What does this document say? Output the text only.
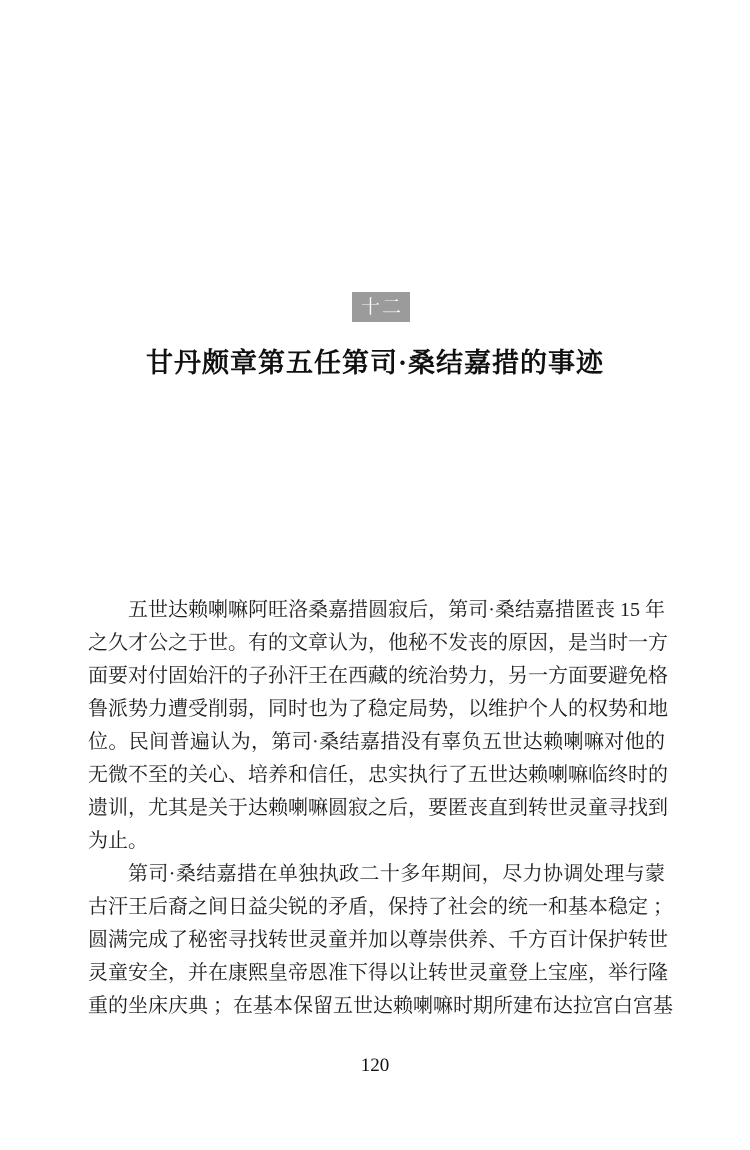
十二
甘丹颇章第五任第司·桑结嘉措的事迹
五世达赖喇嘛阿旺洛桑嘉措圆寂后，第司·桑结嘉措匿丧 15 年
之久才公之于世。有的文章认为，他秘不发丧的原因，是当时一方
面要对付固始汗的子孙汗王在西藏的统治势力，另一方面要避免格
鲁派势力遭受削弱，同时也为了稳定局势，以维护个人的权势和地
位。民间普遍认为，第司·桑结嘉措没有辜负五世达赖喇嘛对他的
无微不至的关心、培养和信任，忠实执行了五世达赖喇嘛临终时的
遗训，尤其是关于达赖喇嘛圆寂之后，要匿丧直到转世灵童寻找到
为止。
第司·桑结嘉措在单独执政二十多年期间，尽力协调处理与蒙
古汗王后裔之间日益尖锐的矛盾，保持了社会的统一和基本稳定 ；
圆满完成了秘密寻找转世灵童并加以尊崇供养、千方百计保护转世
灵童安全，并在康熙皇帝恩准下得以让转世灵童登上宝座，举行隆
重的坐床庆典 ；在基本保留五世达赖喇嘛时期所建布达拉宫白宫基
120
